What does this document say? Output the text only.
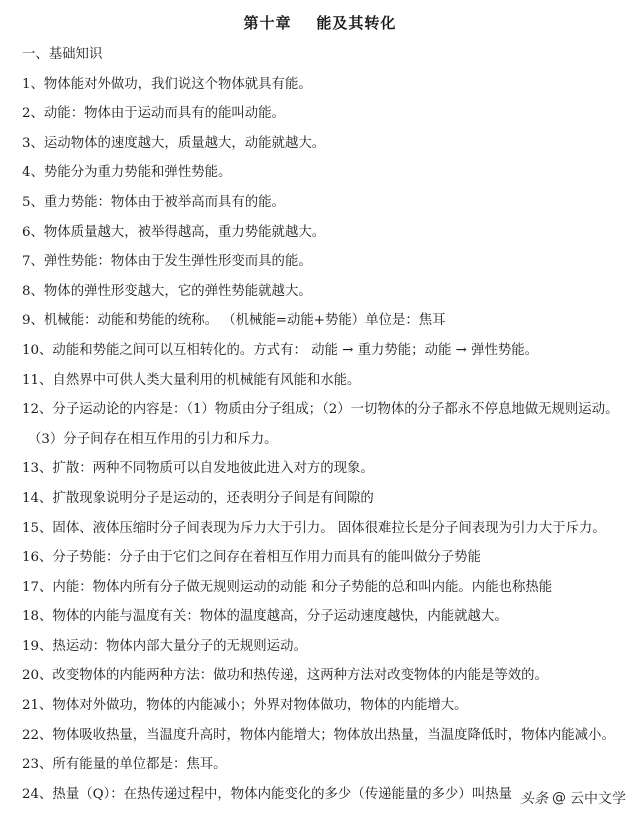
第十章    能及其转化
一、基础知识
1、物体能对外做功，我们说这个物体就具有能。
2、动能：物体由于运动而具有的能叫动能。
3、运动物体的速度越大，质量越大，动能就越大。
4、势能分为重力势能和弹性势能。
5、重力势能：物体由于被举高而具有的能。
6、物体质量越大，被举得越高，重力势能就越大。
7、弹性势能：物体由于发生弹性形变而具的能。
8、物体的弹性形变越大，它的弹性势能就越大。
9、机械能：动能和势能的统称。 （机械能=动能+势能）单位是：焦耳
10、动能和势能之间可以互相转化的。方式有： 动能 → 重力势能；动能 → 弹性势能。
11、自然界中可供人类大量利用的机械能有风能和水能。
12、分子运动论的内容是：（1）物质由分子组成；（2）一切物体的分子都永不停息地做无规则运动。
（3）分子间存在相互作用的引力和斥力。
13、扩散：两种不同物质可以自发地彼此进入对方的现象。
14、扩散现象说明分子是运动的，还表明分子间是有间隙的
15、固体、液体压缩时分子间表现为斥力大于引力。 固体很难拉长是分子间表现为引力大于斥力。
16、分子势能：分子由于它们之间存在着相互作用力而具有的能叫做分子势能
17、内能：物体内所有分子做无规则运动的动能 和分子势能的总和叫内能。内能也称热能
18、物体的内能与温度有关：物体的温度越高，分子运动速度越快，内能就越大。
19、热运动：物体内部大量分子的无规则运动。
20、改变物体的内能两种方法：做功和热传递，这两种方法对改变物体的内能是等效的。
21、物体对外做功，物体的内能减小；外界对物体做功，物体的内能增大。
22、物体吸收热量，当温度升高时，物体内能增大；物体放出热量，当温度降低时，物体内能减小。
23、所有能量的单位都是：焦耳。
24、热量（Q）：在热传递过程中，物体内能变化的多少（传递能量的多少）叫热量 头条 @ 云中文学
